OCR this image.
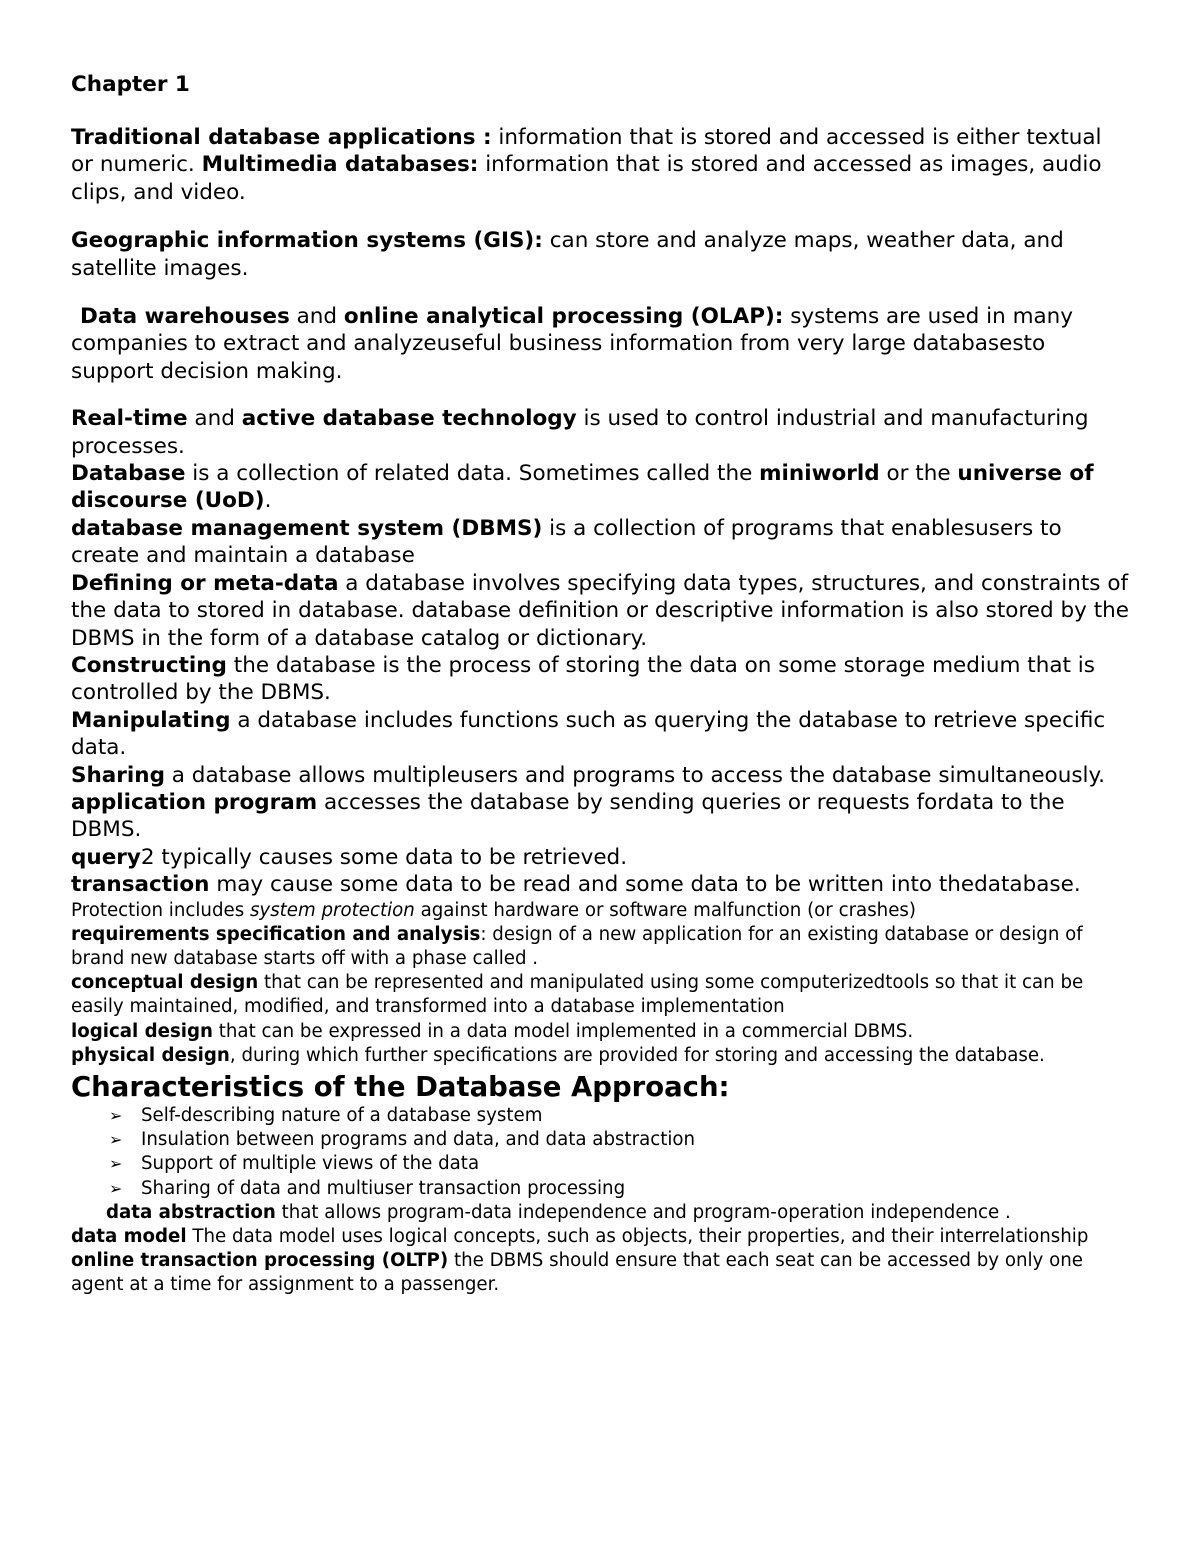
Chapter 1

Traditional database applications : information that is stored and accessed is either textual
or numeric. Multimedia databases: information that is stored and accessed as images, audio clips, and video.

Geographic information systems (GIS): can store and analyze maps, weather data, and satellite images.

Data warehouses and online analytical processing (OLAP): systems are used in many companies to extract and analyzeuseful business information from very large databasesto support decision making.

Real-time and active database technology is used to control industrial and manufacturing processes.

Database is a collection of related data. Sometimes called the miniworld or the universe of discourse (UoD).

database management system (DBMS) is a collection of programs that enablesusers to create and maintain a database

Defining or meta-data a database involves specifying data types, structures, and constraints of the data to stored in database. database definition or descriptive information is also stored by the DBMS in the form of a database catalog or dictionary.

Constructing the database is the process of storing the data on some storage medium that is controlled by the DBMS.

Manipulating a database includes functions such as querying the database to retrieve specific data.

Sharing a database allows multipleusers and programs to access the database simultaneously.

application program accesses the database by sending queries or requests fordata to the DBMS.

query2 typically causes some data to be retrieved.

transaction may cause some data to be read and some data to be written into thedatabase.

Protection includes system protection against hardware or software malfunction (or crashes)

requirements specification and analysis: design of a new application for an existing database or design of brand new database starts off with a phase called .

conceptual design that can be represented and manipulated using some computerizedtools so that it can be easily maintained, modified, and transformed into a database implementation

logical design that can be expressed in a data model implemented in a commercial DBMS.

physical design, during which further specifications are provided for storing and accessing the database.

Characteristics of the Database Approach:

➢ Self-describing nature of a database system
➢ Insulation between programs and data, and data abstraction
➢ Support of multiple views of the data
➢ Sharing of data and multiuser transaction processing

data abstraction that allows program-data independence and program-operation independence .

data model The data model uses logical concepts, such as objects, their properties, and their interrelationship

online transaction processing (OLTP) the DBMS should ensure that each seat can be accessed by only one agent at a time for assignment to a passenger.
